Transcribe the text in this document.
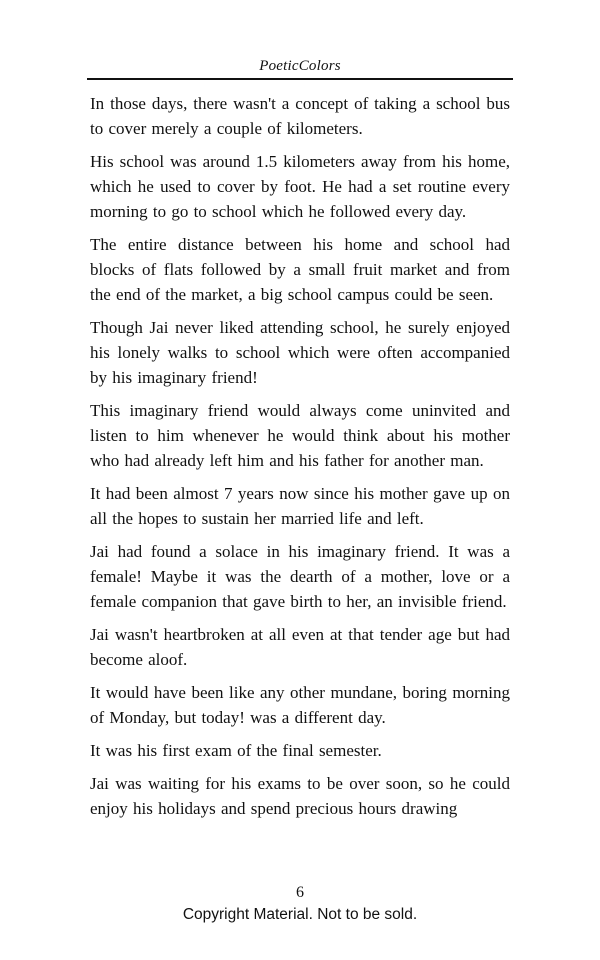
PoeticColors

In those days, there wasn't a concept of taking a school bus to cover merely a couple of kilometers.

His school was around 1.5 kilometers away from his home, which he used to cover by foot. He had a set routine every morning to go to school which he followed every day.

The entire distance between his home and school had blocks of flats followed by a small fruit market and from the end of the market, a big school campus could be seen.

Though Jai never liked attending school, he surely enjoyed his lonely walks to school which were often accompanied by his imaginary friend!

This imaginary friend would always come uninvited and listen to him whenever he would think about his mother who had already left him and his father for another man.

It had been almost 7 years now since his mother gave up on all the hopes to sustain her married life and left.

Jai had found a solace in his imaginary friend. It was a female! Maybe it was the dearth of a mother, love or a female companion that gave birth to her, an invisible friend.

Jai wasn't heartbroken at all even at that tender age but had become aloof.

It would have been like any other mundane, boring morning of Monday, but today! was a different day.

It was his first exam of the final semester.

Jai was waiting for his exams to be over soon, so he could enjoy his holidays and spend precious hours drawing

6
Copyright Material. Not to be sold.
